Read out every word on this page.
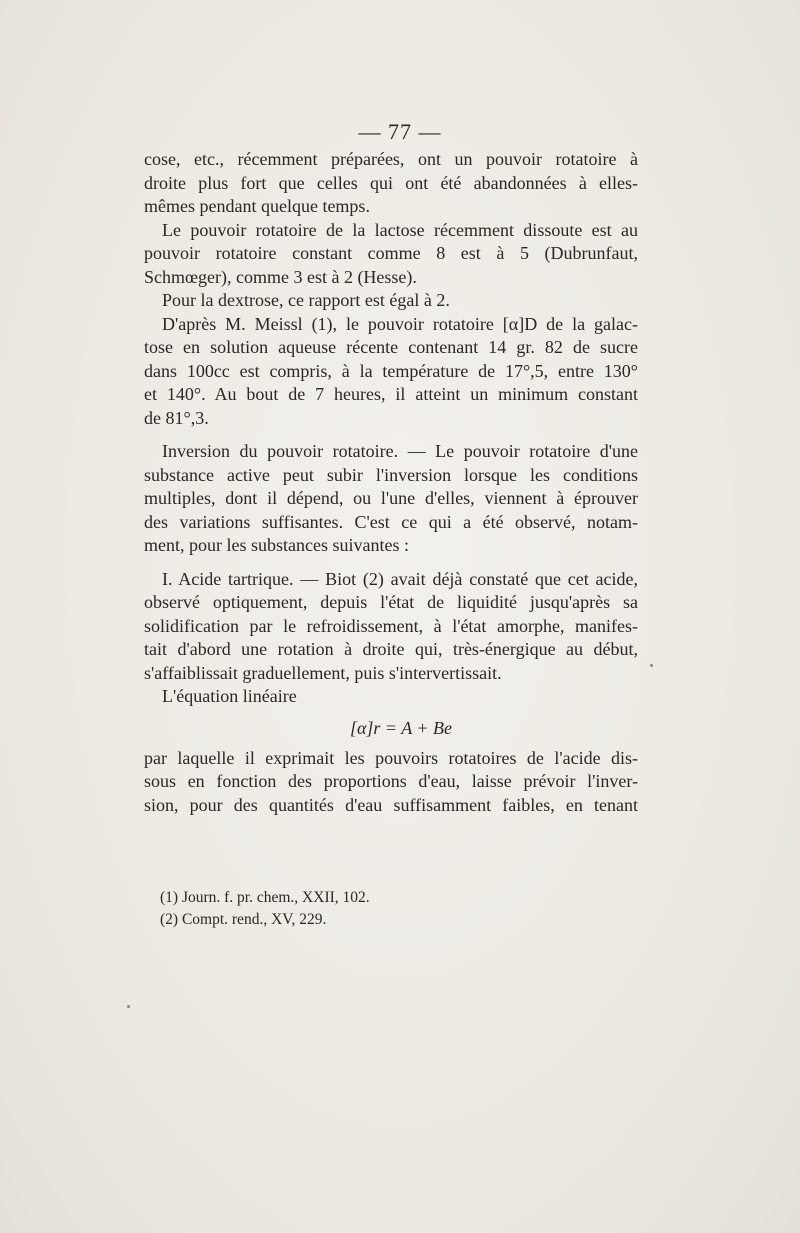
— 77 —
cose, etc., récemment préparées, ont un pouvoir rotatoire à
droite plus fort que celles qui ont été abandonnées à elles-
mêmes pendant quelque temps.
Le pouvoir rotatoire de la lactose récemment dissoute est au
pouvoir rotatoire constant comme 8 est à 5 (Dubrunfaut,
Schmœger), comme 3 est à 2 (Hesse).
Pour la dextrose, ce rapport est égal à 2.
D'après M. Meissl (1), le pouvoir rotatoire [α]D de la galac-
tose en solution aqueuse récente contenant 14 gr. 82 de sucre
dans 100cc est compris, à la température de 17°,5, entre 130°
et 140°. Au bout de 7 heures, il atteint un minimum constant
de 81°,3.
Inversion du pouvoir rotatoire. — Le pouvoir rotatoire d'une
substance active peut subir l'inversion lorsque les conditions
multiples, dont il dépend, ou l'une d'elles, viennent à éprouver
des variations suffisantes. C'est ce qui a été observé, notam-
ment, pour les substances suivantes :
I. Acide tartrique. — Biot (2) avait déjà constaté que cet acide,
observé optiquement, depuis l'état de liquidité jusqu'après sa
solidification par le refroidissement, à l'état amorphe, manifes-
tait d'abord une rotation à droite qui, très-énergique au début,
s'affaiblissait graduellement, puis s'intervertissait.
L'équation linéaire
[α]r = A + Be
par laquelle il exprimait les pouvoirs rotatoires de l'acide dis-
sous en fonction des proportions d'eau, laisse prévoir l'inver-
sion, pour des quantités d'eau suffisamment faibles, en tenant
(1) Journ. f. pr. chem., XXII, 102.
(2) Compt. rend., XV, 229.
